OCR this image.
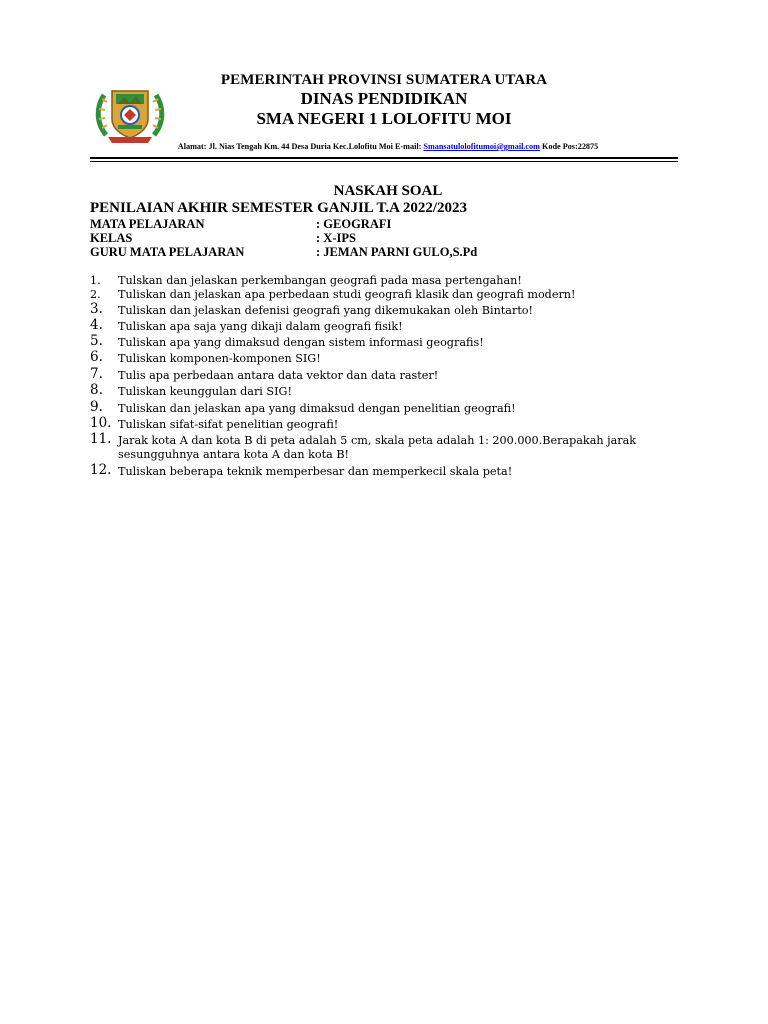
PEMERINTAH PROVINSI SUMATERA UTARA
DINAS PENDIDIKAN
SMA NEGERI 1 LOLOFITU MOI
Alamat: Jl. Nias Tengah Km. 44 Desa Duria Kec.Lolofitu Moi E-mail: Smansatulolofitumoi@gmail.com Kode Pos:22875
NASKAH SOAL
PENILAIAN AKHIR SEMESTER GANJIL T.A 2022/2023
MATA PELAJARAN	: GEOGRAFI
KELAS	: X-IPS
GURU MATA PELAJARAN	: JEMAN PARNI GULO,S.Pd
1. Tulskan dan jelaskan perkembangan geografi pada masa pertengahan!
2. Tuliskan dan jelaskan apa perbedaan studi geografi klasik dan geografi modern!
3. Tuliskan dan jelaskan defenisi geografi yang dikemukakan oleh Bintarto!
4. Tuliskan apa saja yang dikaji dalam geografi fisik!
5. Tuliskan apa yang dimaksud dengan sistem informasi geografis!
6. Tuliskan komponen-komponen SIG!
7. Tulis apa perbedaan antara data vektor dan data raster!
8. Tuliskan keunggulan dari SIG!
9. Tuliskan dan jelaskan apa yang dimaksud dengan penelitian geografi!
10. Tuliskan sifat-sifat penelitian geografi!
11. Jarak kota A dan kota B di peta adalah 5 cm, skala peta adalah 1: 200.000.Berapakah jarak sesungguhnya antara kota A dan kota B!
12. Tuliskan beberapa teknik memperbesar dan memperkecil skala peta!
